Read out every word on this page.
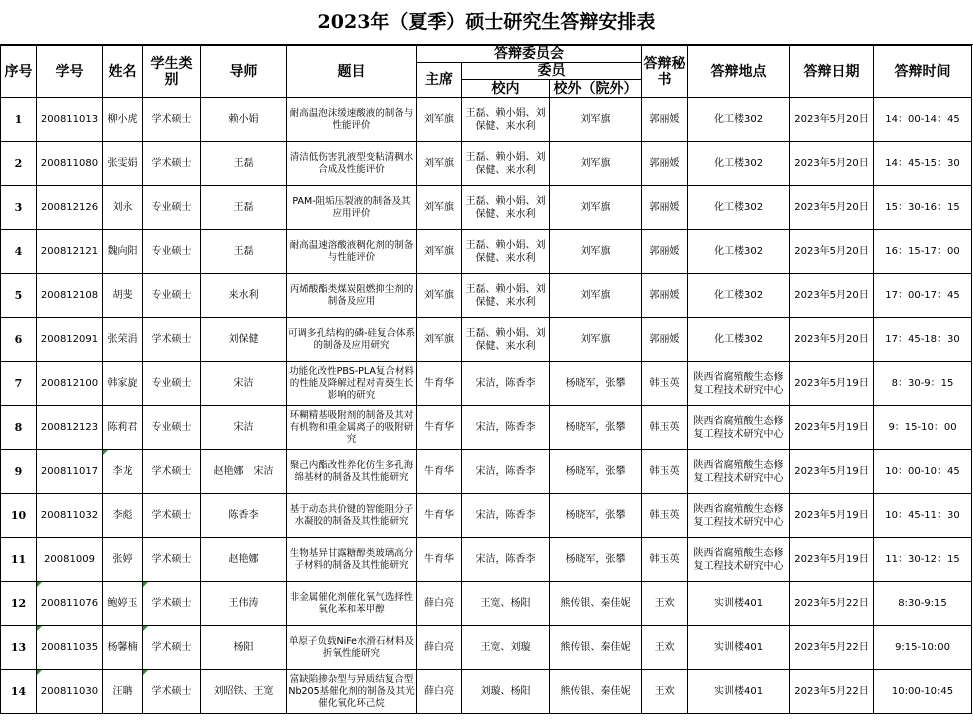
2023年（夏季）硕士研究生答辩安排表
序号	学号	姓名	学生类别	导师	题目	答辩委员会			答辩秘书	答辩地点	答辩日期	答辩时间
						主席	委员					
							校内	校外（院外）				
1	200811013	柳小虎	学术硕士	赖小娟	耐高温泡沫缓速酸液的制备与性能评价	刘军旗	王磊、赖小娟、刘保健、来水利	刘军旗	郭丽媛	化工楼302	2023年5月20日	14：00-14：45
2	200811080	张雯娟	学术硕士	王磊	清洁低伤害乳液型变粘清稠水合成及性能评价	刘军旗	王磊、赖小娟、刘保健、来水利	刘军旗	郭丽媛	化工楼302	2023年5月20日	14：45-15：30
3	200812126	刘永	专业硕士	王磊	PAM-阻垢压裂液的制备及其应用评价	刘军旗	王磊、赖小娟、刘保健、来水利	刘军旗	郭丽媛	化工楼302	2023年5月20日	15：30-16：15
4	200812121	魏向阳	专业硕士	王磊	耐高温速溶酸液稠化剂的制备与性能评价	刘军旗	王磊、赖小娟、刘保健、来水利	刘军旗	郭丽媛	化工楼302	2023年5月20日	16：15-17：00
5	200812108	胡斐	专业硕士	来水利	丙烯酸酯类煤炭阻燃抑尘剂的制备及应用	刘军旗	王磊、赖小娟、刘保健、来水利	刘军旗	郭丽媛	化工楼302	2023年5月20日	17：00-17：45
6	200812091	张荣涓	学术硕士	刘保健	可调多孔结构的磷-硅复合体系的制备及应用研究	刘军旗	王磊、赖小娟、刘保健、来水利	刘军旗	郭丽媛	化工楼302	2023年5月20日	17：45-18：30
7	200812100	韩家旋	专业硕士	宋洁	功能化改性PBS-PLA复合材料的性能及降解过程对青葵生长影响的研究	牛育华	宋洁，陈香李	杨晓军，张攀	韩玉英	陕西省腐殖酸生态修复工程技术研究中心	2023年5月19日	8：30-9：15
8	200812123	陈莉君	专业硕士	宋洁	环糊精基吸附剂的制备及其对有机物和重金属离子的吸附研究	牛育华	宋洁，陈香李	杨晓军，张攀	韩玉英	陕西省腐殖酸生态修复工程技术研究中心	2023年5月19日	9：15-10：00
9	200811017	李龙	学术硕士	赵艳娜　宋洁	聚己内酯改性养化仿生多孔海绵基材的制备及其性能研究	牛育华	宋洁，陈香李	杨晓军，张攀	韩玉英	陕西省腐殖酸生态修复工程技术研究中心	2023年5月19日	10：00-10：45
10	200811032	李彪	学术硕士	陈香李	基于动态共价键的智能阻分子水凝胶的制备及其性能研究	牛育华	宋洁，陈香李	杨晓军，张攀	韩玉英	陕西省腐殖酸生态修复工程技术研究中心	2023年5月19日	10：45-11：30
11	20081009	张婷	学术硕士	赵艳娜	生物基异甘露糖醇类玻璃高分子材料的制备及其性能研究	牛育华	宋洁，陈香李	杨晓军，张攀	韩玉英	陕西省腐殖酸生态修复工程技术研究中心	2023年5月19日	11：30-12：15
12	200811076	鲍婷玉	学术硕士	王伟涛	非金属催化剂催化氧气选择性氧化苯和苯甲醇	薛白亮	王宽、杨阳	熊传银、秦佳妮	王欢	实训楼401	2023年5月22日	8:30-9:15
13	200811035	杨馨楠	学术硕士	杨阳	单原子负载NiFe水滑石材料及折氧性能研究	薛白亮	王宽、刘璇	熊传银、秦佳妮	王欢	实训楼401	2023年5月22日	9:15-10:00
14	200811030	汪聃	学术硕士	刘昭铁、王宽	富缺陷掺杂型与异质结复合型Nb205基催化剂的制备及其光催化氧化环己烷	薛白亮	刘璇、杨阳	熊传银、秦佳妮	王欢	实训楼401	2023年5月22日	10:00-10:45
